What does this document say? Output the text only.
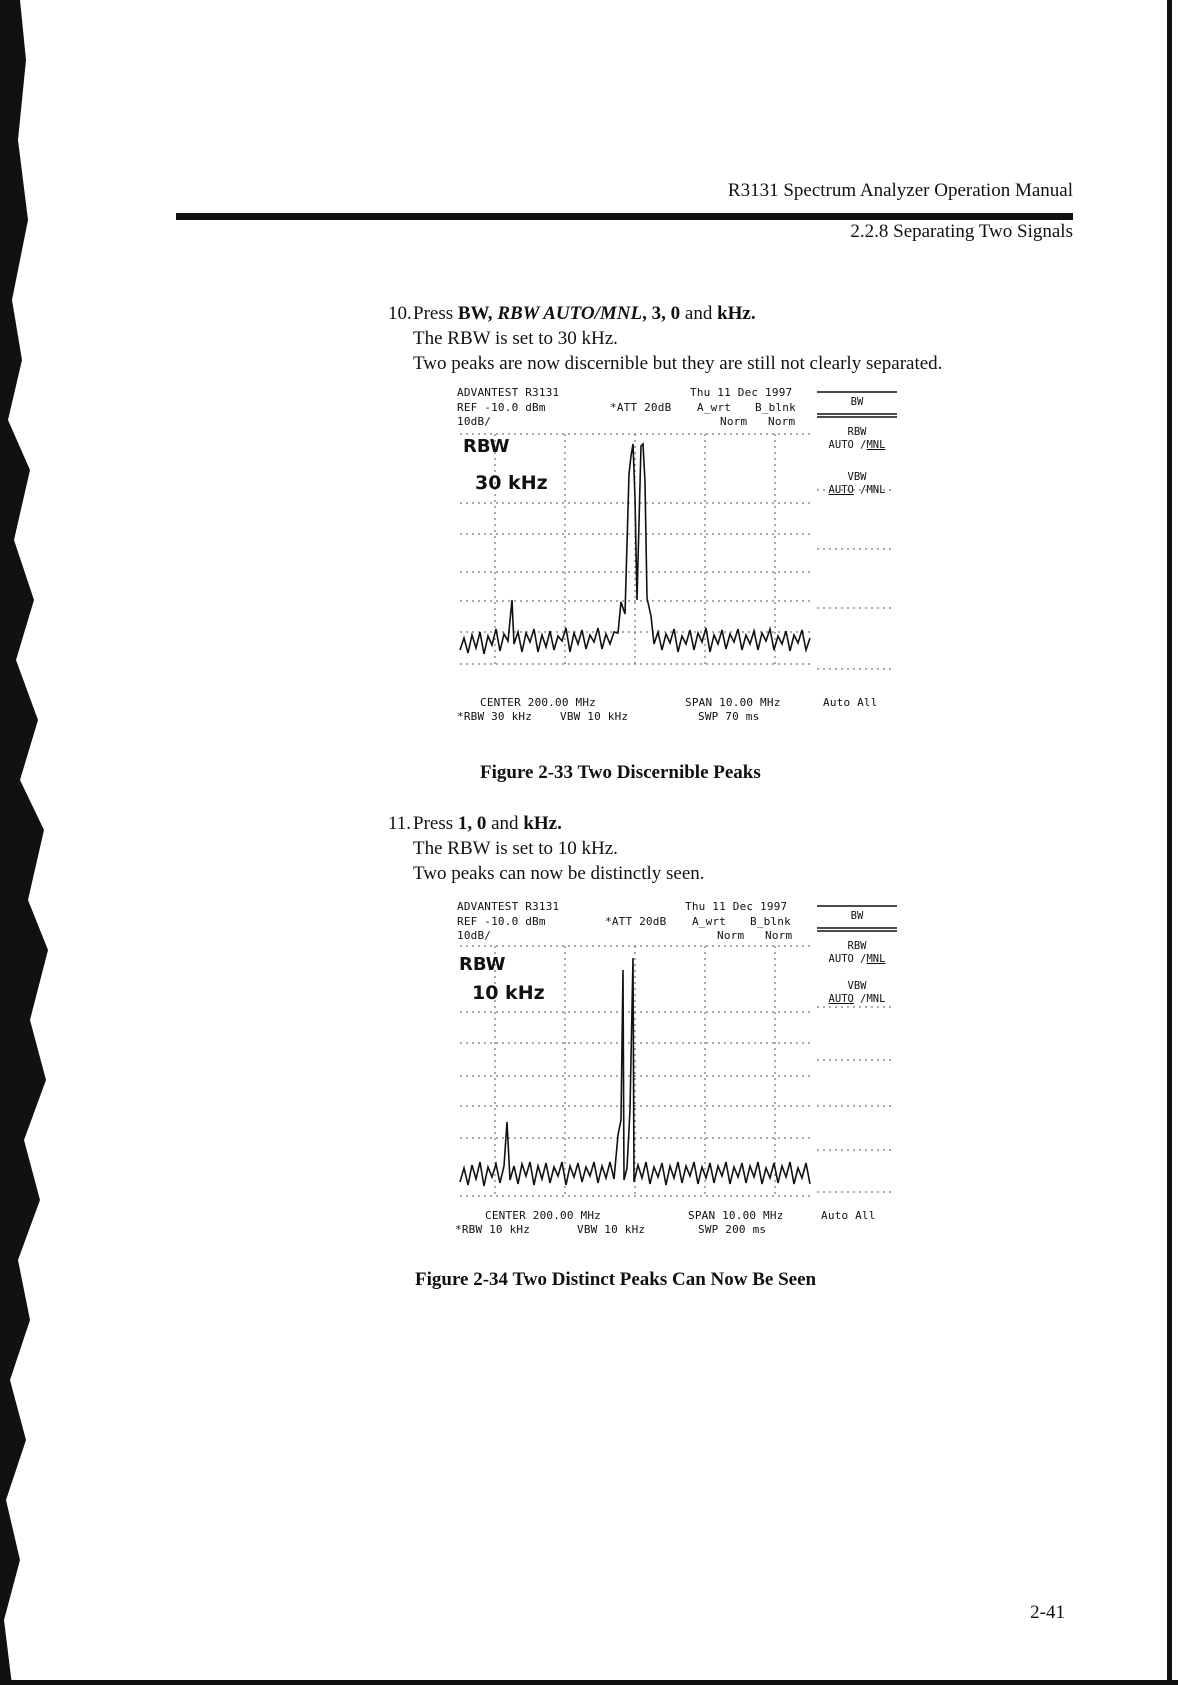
R3131 Spectrum Analyzer Operation Manual
2.2.8 Separating Two Signals
10. Press BW, RBW AUTO/MNL, 3, 0 and kHz.

The RBW is set to 30 kHz.

Two peaks are now discernible but they are still not clearly separated.

ADVANTEST R3131	Thu 11 Dec 1997
REF -10.0 dBm	*ATT 20dB A_wrt B_blnk
10dB/	Norm Norm
RBW
30 kHz
CENTER 200.00 MHz
*RBW 30 kHz	VBW 10 kHz
SPAN 10.00 MHz
SWP 70 ms
Auto All
BW
RBW
AUTO /MNL
VBW
AUTO /MNL
Figure 2-33 Two Discernible Peaks
11. Press 1, 0 and kHz.

The RBW is set to 10 kHz.

Two peaks can now be distinctly seen.

ADVANTEST R3131	Thu 11 Dec 1997
REF -10.0 dBm	*ATT 20dB A_wrt B_blnk
10dB/	Norm Norm
RBW
10 kHz
CENTER 200.00 MHz
*RBW 10 kHz	VBW 10 kHz
SPAN 10.00 MHz
SWP 200 ms
Auto All
BW
RBW
AUTO /MNL
VBW
AUTO /MNL
Figure 2-34 Two Distinct Peaks Can Now Be Seen
2-41
